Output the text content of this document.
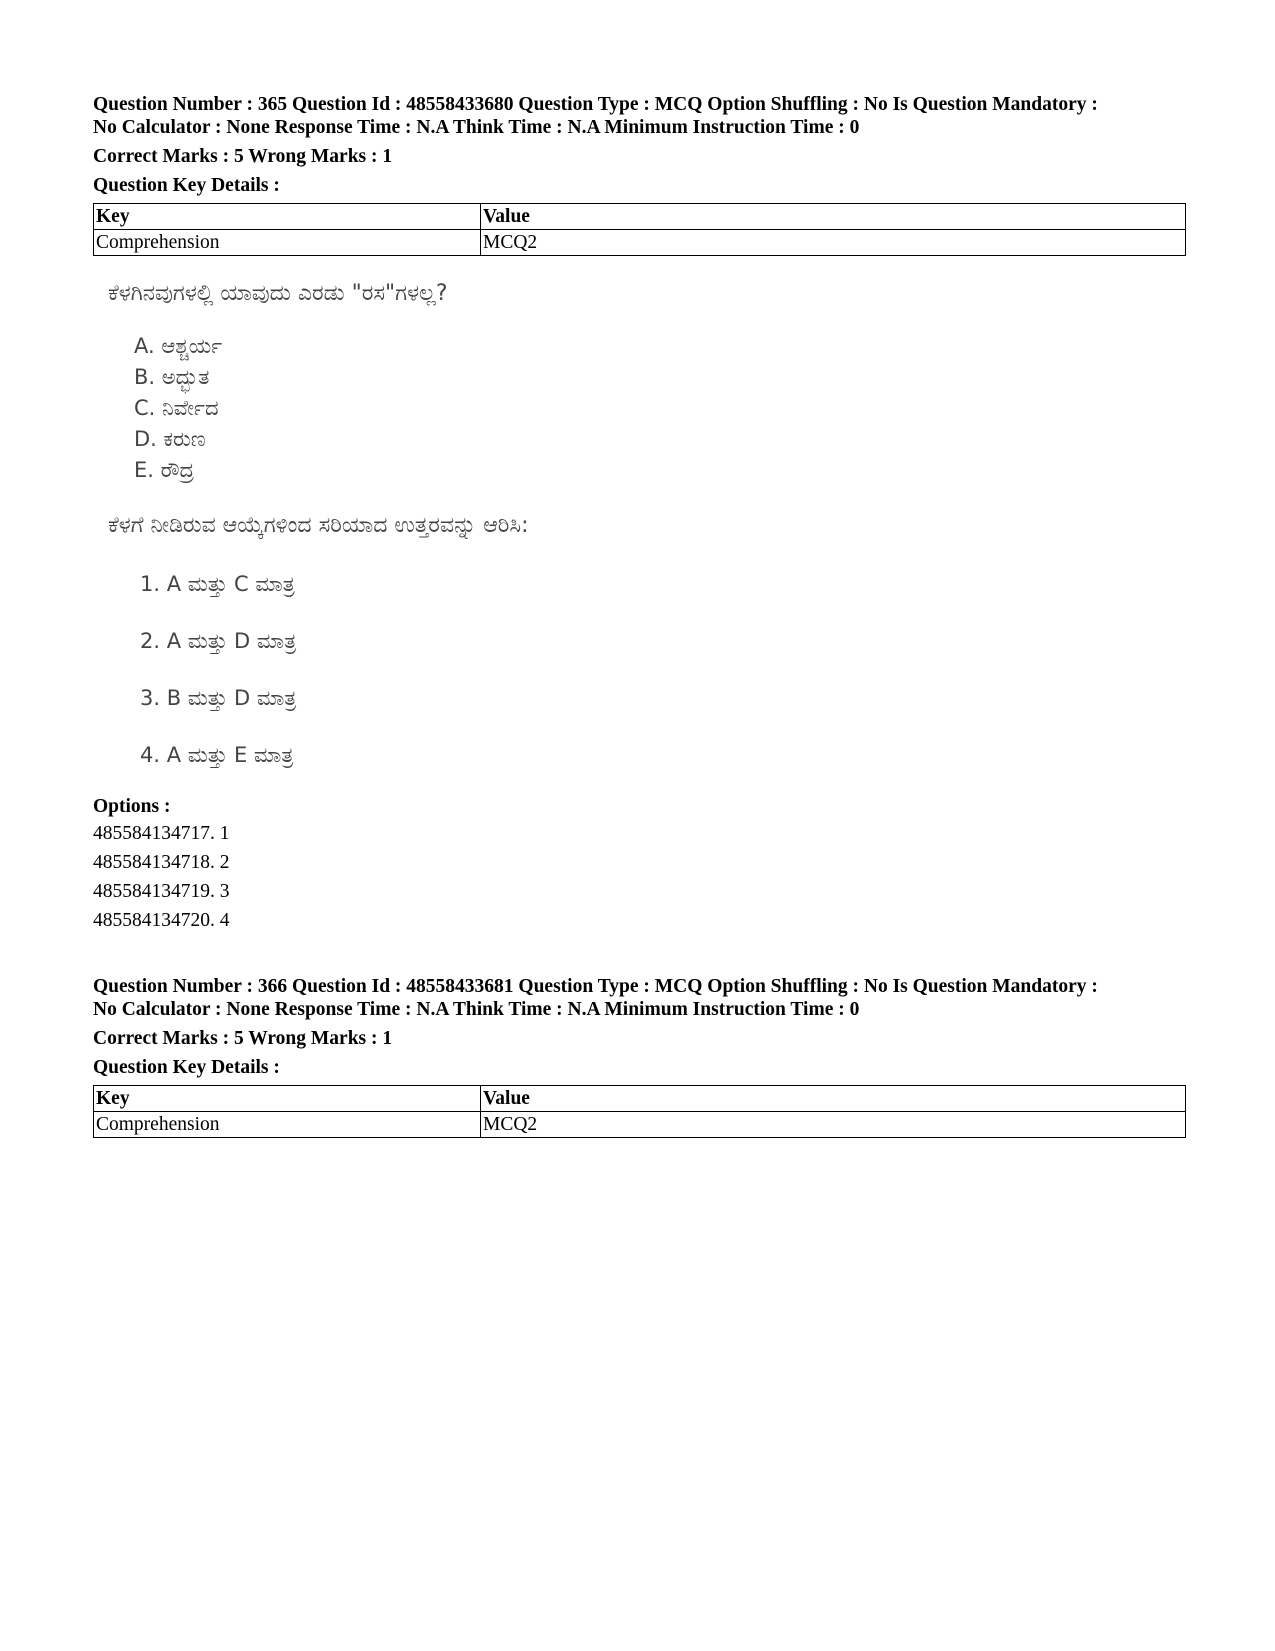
Question Number : 365 Question Id : 48558433680 Question Type : MCQ Option Shuffling : No Is Question Mandatory :
No Calculator : None Response Time : N.A Think Time : N.A Minimum Instruction Time : 0
Correct Marks : 5 Wrong Marks : 1
Question Key Details :
Key	Value
Comprehension	MCQ2
ಕೆಳಗಿನವುಗಳಲ್ಲಿ ಯಾವುದು ಎರಡು "ರಸ"ಗಳಲ್ಲ?
A. ಆಶ್ಚರ್ಯ
B. ಅದ್ಭುತ
C. ನಿರ್ವೇದ
D. ಕರುಣ
E. ರೌದ್ರ
ಕೆಳಗೆ ನೀಡಿರುವ ಆಯ್ಕೆಗಳಿಂದ ಸರಿಯಾದ ಉತ್ತರವನ್ನು ಆರಿಸಿ:
1. A ಮತ್ತು C ಮಾತ್ರ
2. A ಮತ್ತು D ಮಾತ್ರ
3. B ಮತ್ತು D ಮಾತ್ರ
4. A ಮತ್ತು E ಮಾತ್ರ
Options :
485584134717. 1
485584134718. 2
485584134719. 3
485584134720. 4
Question Number : 366 Question Id : 48558433681 Question Type : MCQ Option Shuffling : No Is Question Mandatory :
No Calculator : None Response Time : N.A Think Time : N.A Minimum Instruction Time : 0
Correct Marks : 5 Wrong Marks : 1
Question Key Details :
Key	Value
Comprehension	MCQ2
